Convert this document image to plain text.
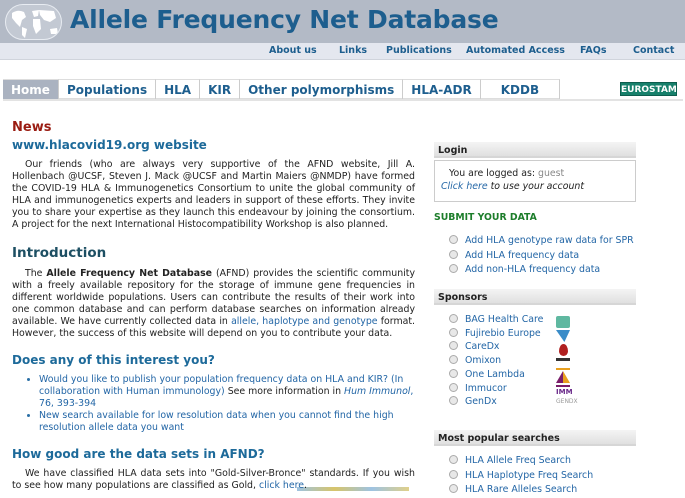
Allele Frequency Net Database
About us Links Publications Automated Access FAQs	Contact
Home	Populations	HLA	KIR	Other polymorphisms	HLA-ADR	KDDB	EUROSTAM
News
www.hlacovid19.org website

Our friends (who are always very supportive of the AFND website, Jill A. Hollenbach @UCSF, Steven J. Mack @UCSF and Martin Maiers @NMDP) have formed the COVID-19 HLA & Immunogenetics Consortium to unite the global community of HLA and immunogenetics experts and leaders in support of these efforts. They invite you to share your expertise as they launch this endeavour by joining the consortium. A project for the next International Histocompatibility Workshop is also planned.

Introduction

The Allele Frequency Net Database (AFND) provides the scientific community with a freely available repository for the storage of immune gene frequencies in different worldwide populations. Users can contribute the results of their work into one common database and can perform database searches on information already available. We have currently collected data in allele, haplotype and genotype format. However, the success of this website will depend on you to contribute your data.

Does any of this interest you?
• Would you like to publish your population frequency data on HLA and KIR? (In collaboration with Human immunology) See more information in Hum Immunol, 76, 393-394
• New search available for low resolution data when you cannot find the high resolution allele data you want
How good are the data sets in AFND?

We have classified HLA data sets into "Gold-Silver-Bronce" standards. If you wish to see how many populations are classified as Gold, click here.

Login
You are logged as: guest
Click here to use your account
SUBMIT YOUR DATA
Add HLA genotype raw data for SPR
Add HLA frequency data
Add non-HLA frequency data
Sponsors
BAG Health Care
Fujirebio Europe
CareDx
Omixon
One Lambda
Immucor
GenDx
IMM
GENDX
Most popular searches
HLA Allele Freq Search
HLA Haplotype Freq Search
HLA Rare Alleles Search
